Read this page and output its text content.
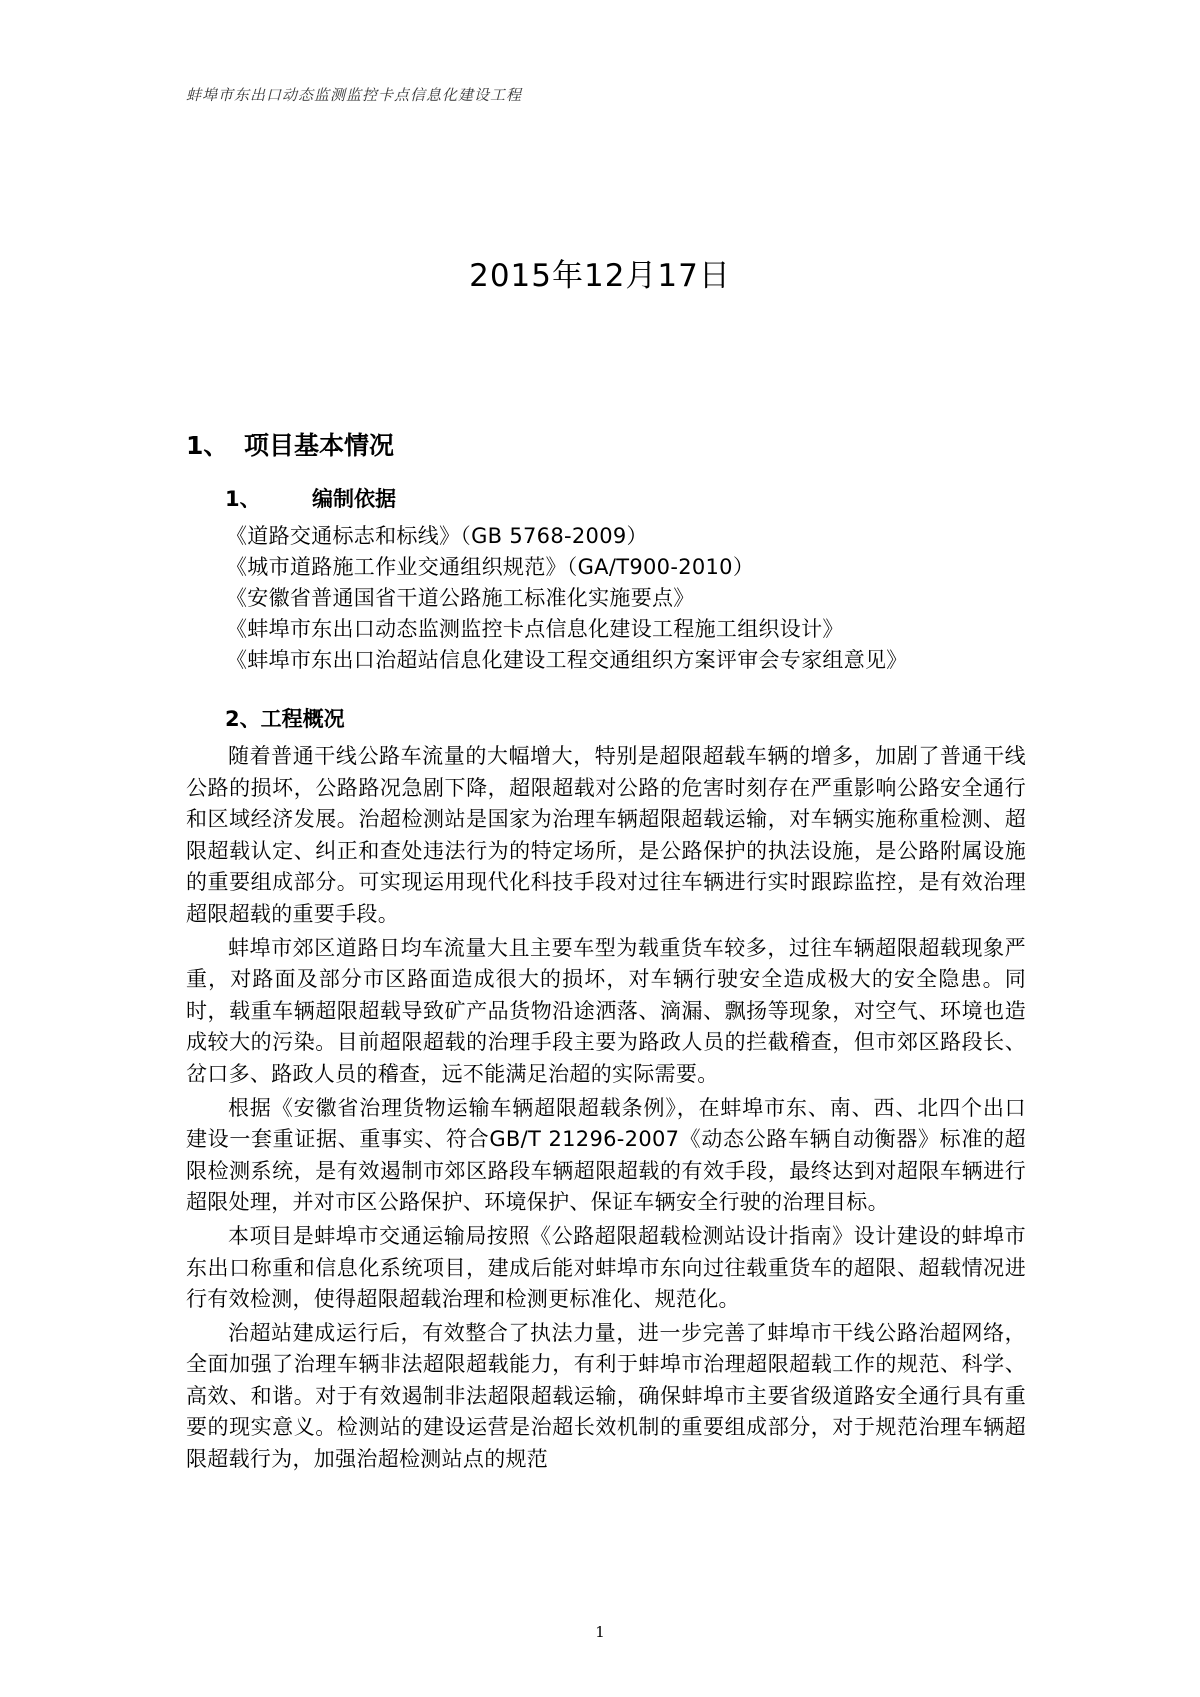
蚌埠市东出口动态监测监控卡点信息化建设工程
2015年12月17日
1、 项目基本情况
1、 编制依据
《道路交通标志和标线》（GB 5768-2009）
《城市道路施工作业交通组织规范》（GA/T900-2010）
《安徽省普通国省干道公路施工标准化实施要点》
《蚌埠市东出口动态监测监控卡点信息化建设工程施工组织设计》
《蚌埠市东出口治超站信息化建设工程交通组织方案评审会专家组意见》
2、工程概况

随着普通干线公路车流量的大幅增大，特别是超限超载车辆的增多，加剧了普通干线公路的损坏，公路路况急剧下降，超限超载对公路的危害时刻存在严重影响公路安全通行和区域经济发展。治超检测站是国家为治理车辆超限超载运输，对车辆实施称重检测、超限超载认定、纠正和查处违法行为的特定场所，是公路保护的执法设施，是公路附属设施的重要组成部分。可实现运用现代化科技手段对过往车辆进行实时跟踪监控，是有效治理超限超载的重要手段。

蚌埠市郊区道路日均车流量大且主要车型为载重货车较多，过往车辆超限超载现象严重，对路面及部分市区路面造成很大的损坏，对车辆行驶安全造成极大的安全隐患。同时，载重车辆超限超载导致矿产品货物沿途洒落、滴漏、飘扬等现象，对空气、环境也造成较大的污染。目前超限超载的治理手段主要为路政人员的拦截稽查，但市郊区路段长、岔口多、路政人员的稽查，远不能满足治超的实际需要。

根据《安徽省治理货物运输车辆超限超载条例》，在蚌埠市东、南、西、北四个出口建设一套重证据、重事实、符合GB/T 21296-2007《动态公路车辆自动衡器》标准的超限检测系统，是有效遏制市郊区路段车辆超限超载的有效手段，最终达到对超限车辆进行超限处理，并对市区公路保护、环境保护、保证车辆安全行驶的治理目标。

本项目是蚌埠市交通运输局按照《公路超限超载检测站设计指南》设计建设的蚌埠市东出口称重和信息化系统项目，建成后能对蚌埠市东向过往载重货车的超限、超载情况进行有效检测，使得超限超载治理和检测更标准化、规范化。

治超站建成运行后，有效整合了执法力量，进一步完善了蚌埠市干线公路治超网络，全面加强了治理车辆非法超限超载能力，有利于蚌埠市治理超限超载工作的规范、科学、高效、和谐。对于有效遏制非法超限超载运输，确保蚌埠市主要省级道路安全通行具有重要的现实意义。检测站的建设运营是治超长效机制的重要组成部分，对于规范治理车辆超限超载行为，加强治超检测站点的规范

1
